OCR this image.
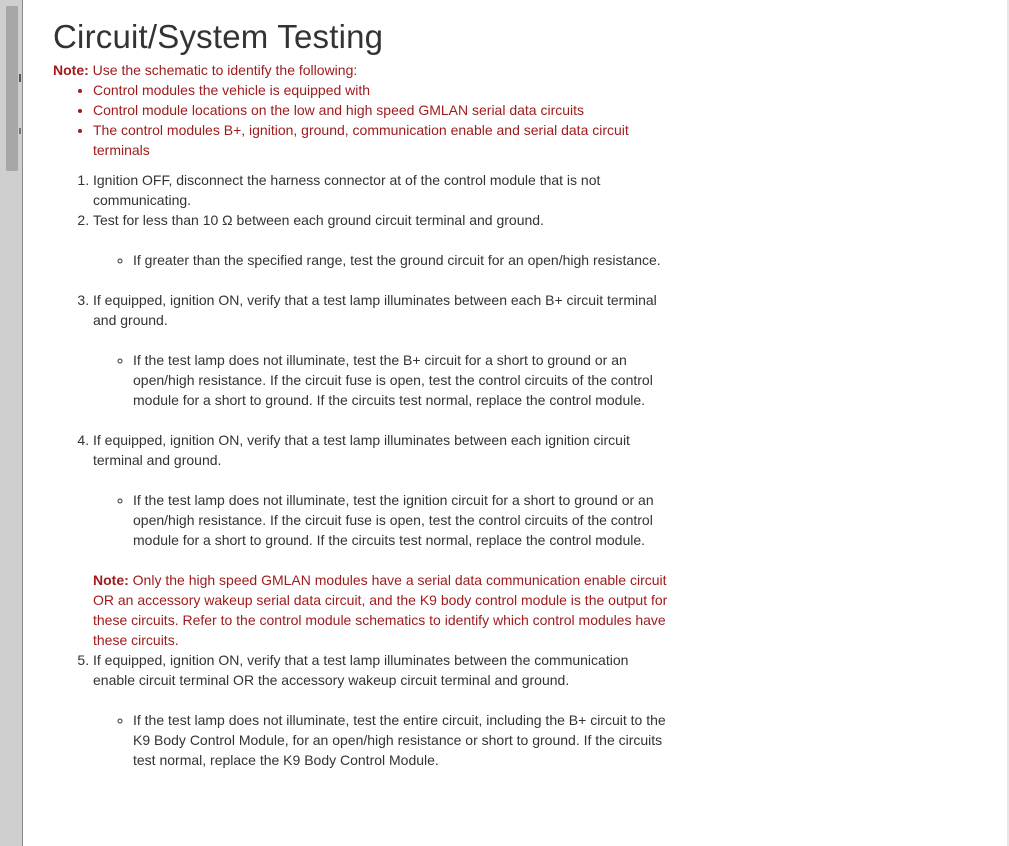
Circuit/System Testing
Note: Use the schematic to identify the following:
• Control modules the vehicle is equipped with
• Control module locations on the low and high speed GMLAN serial data circuits
• The control modules B+, ignition, ground, communication enable and serial data circuit terminals
1. Ignition OFF, disconnect the harness connector at of the control module that is not communicating.
2. Test for less than 10 Ω between each ground circuit terminal and ground.
◦ If greater than the specified range, test the ground circuit for an open/high resistance.
3. If equipped, ignition ON, verify that a test lamp illuminates between each B+ circuit terminal and ground.
◦ If the test lamp does not illuminate, test the B+ circuit for a short to ground or an open/high resistance. If the circuit fuse is open, test the control circuits of the control module for a short to ground. If the circuits test normal, replace the control module.
4. If equipped, ignition ON, verify that a test lamp illuminates between each ignition circuit terminal and ground.
◦ If the test lamp does not illuminate, test the ignition circuit for a short to ground or an open/high resistance. If the circuit fuse is open, test the control circuits of the control module for a short to ground. If the circuits test normal, replace the control module.
Note: Only the high speed GMLAN modules have a serial data communication enable circuit OR an accessory wakeup serial data circuit, and the K9 body control module is the output for these circuits. Refer to the control module schematics to identify which control modules have these circuits.
5. If equipped, ignition ON, verify that a test lamp illuminates between the communication enable circuit terminal OR the accessory wakeup circuit terminal and ground.
◦ If the test lamp does not illuminate, test the entire circuit, including the B+ circuit to the K9 Body Control Module, for an open/high resistance or short to ground. If the circuits test normal, replace the K9 Body Control Module.
